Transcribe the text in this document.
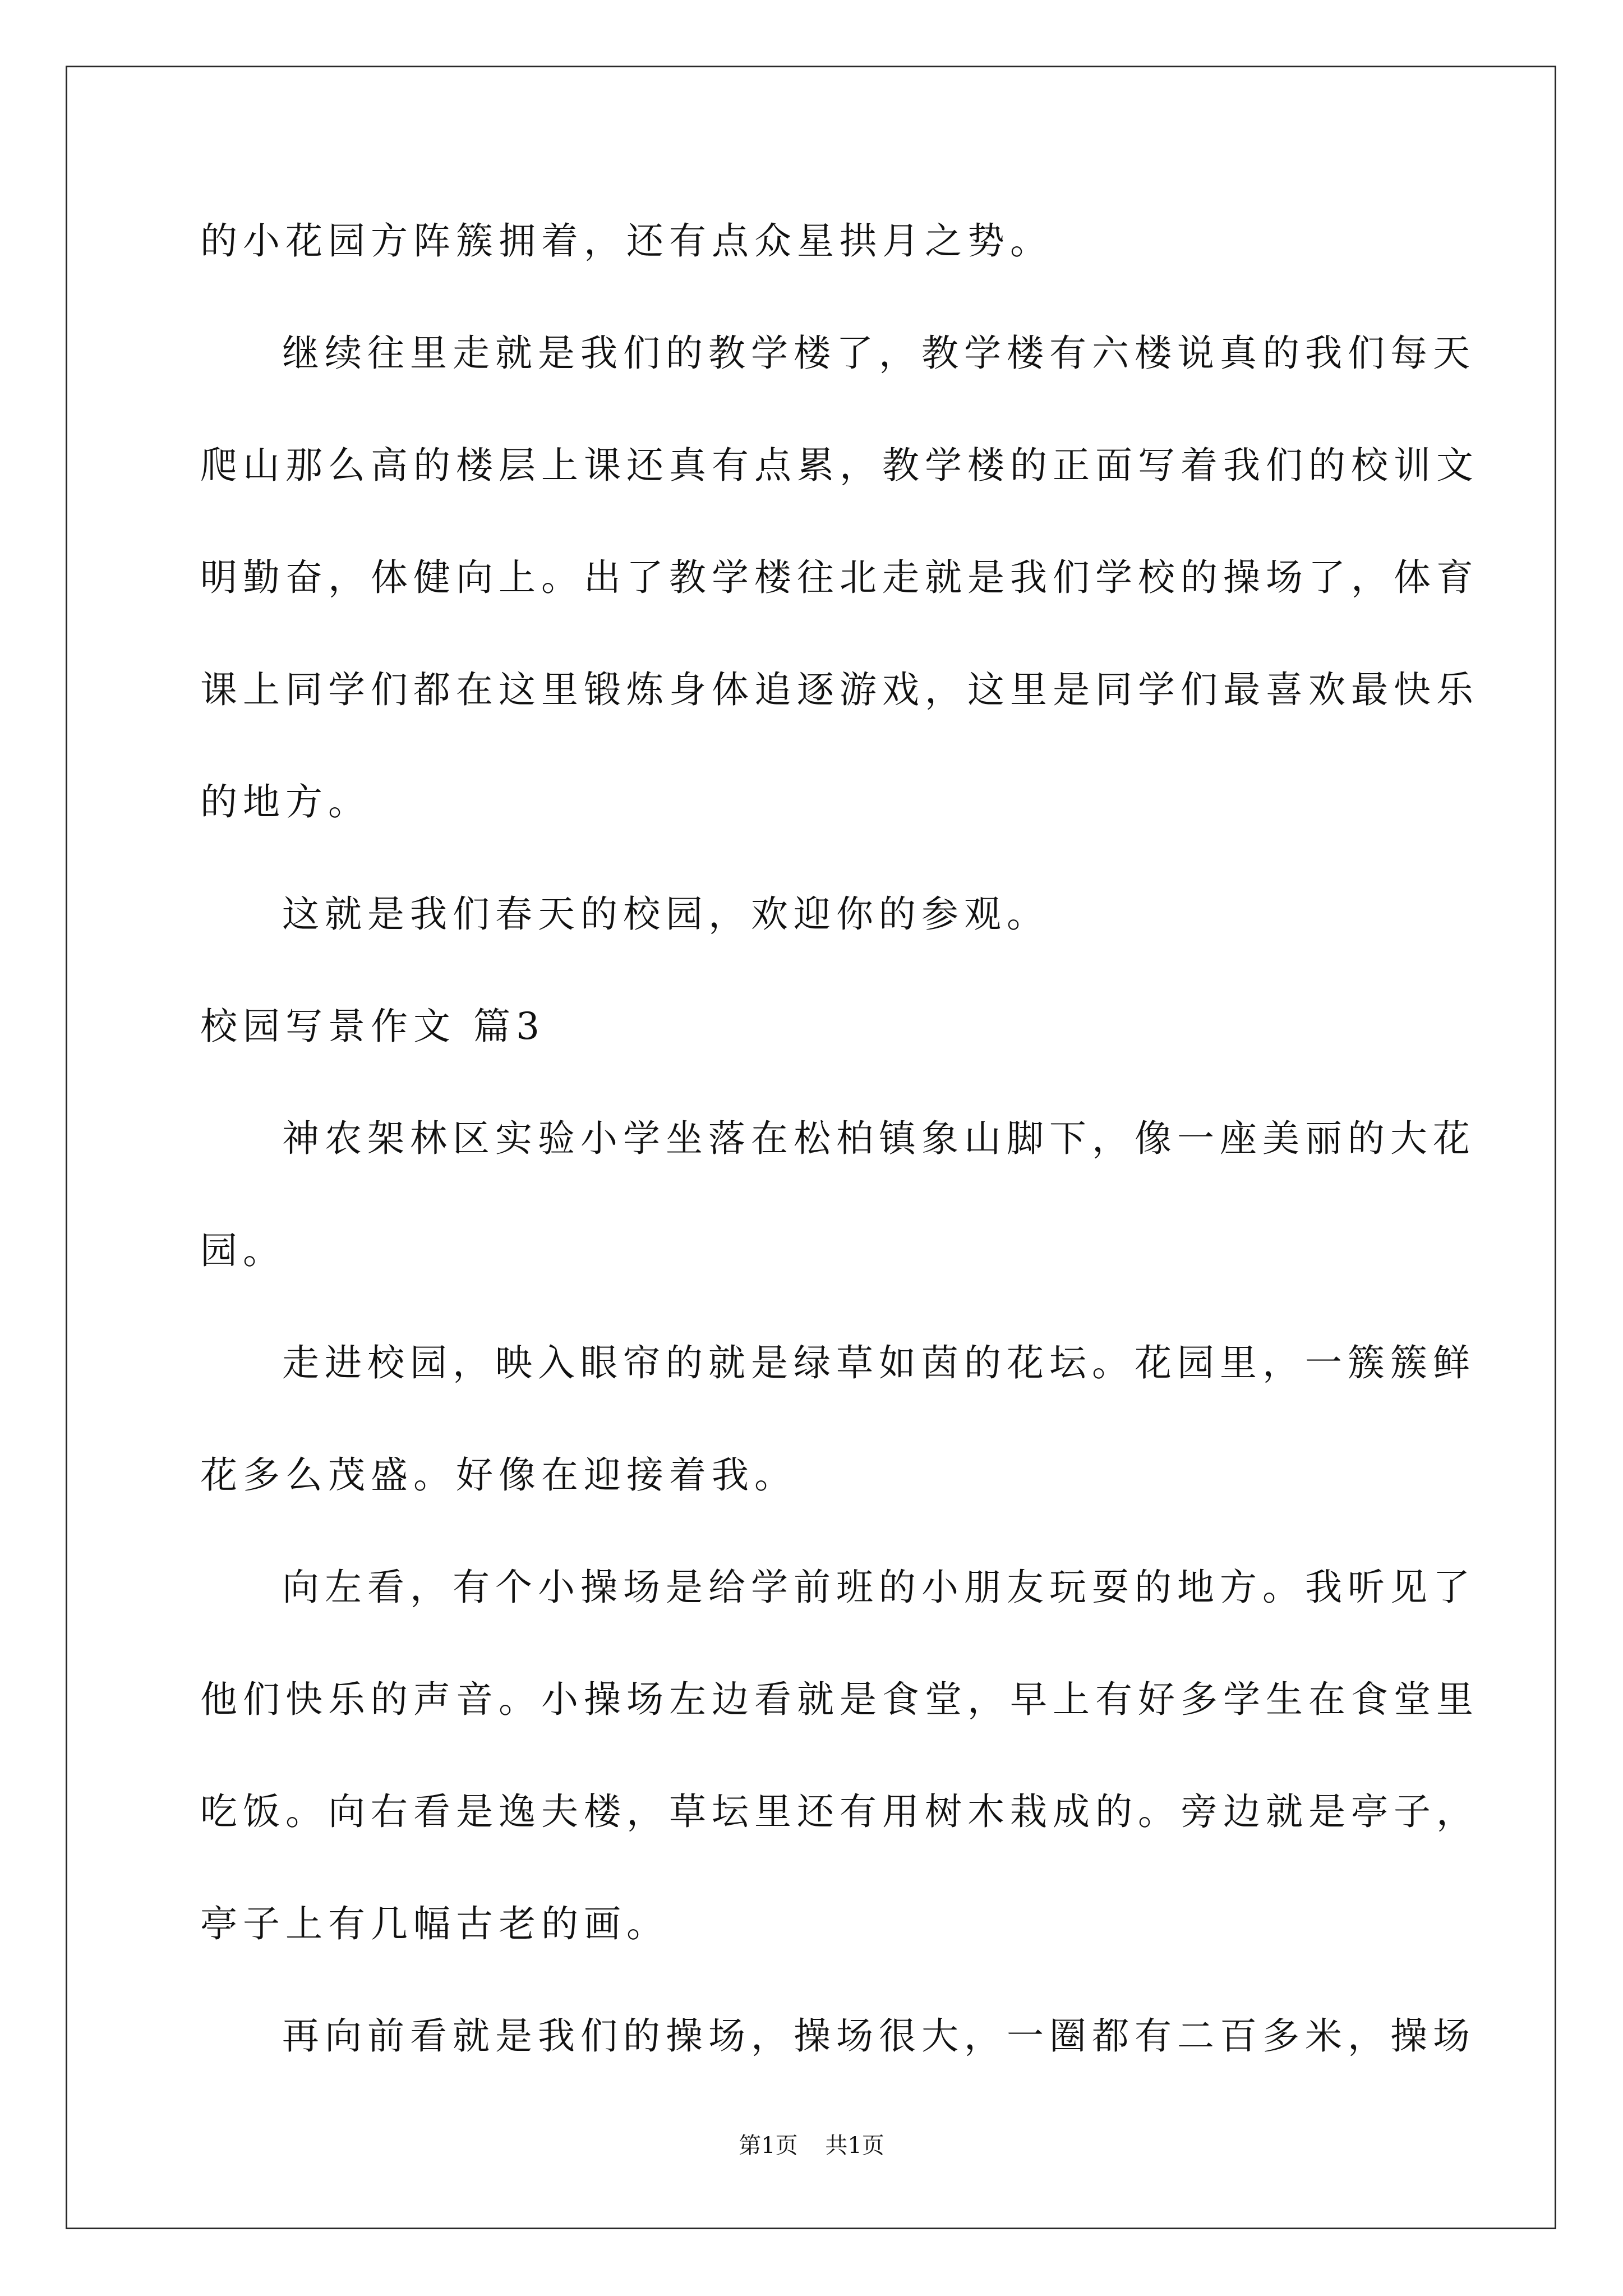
的小花园方阵簇拥着，还有点众星拱月之势。
继续往里走就是我们的教学楼了，教学楼有六楼说真的我们每天
爬山那么高的楼层上课还真有点累，教学楼的正面写着我们的校训文
明勤奋，体健向上。出了教学楼往北走就是我们学校的操场了，体育
课上同学们都在这里锻炼身体追逐游戏，这里是同学们最喜欢最快乐
的地方。
这就是我们春天的校园，欢迎你的参观。
校园写景作文 篇3
神农架林区实验小学坐落在松柏镇象山脚下，像一座美丽的大花
园。
走进校园，映入眼帘的就是绿草如茵的花坛。花园里，一簇簇鲜
花多么茂盛。好像在迎接着我。
向左看，有个小操场是给学前班的小朋友玩耍的地方。我听见了
他们快乐的声音。小操场左边看就是食堂，早上有好多学生在食堂里
吃饭。向右看是逸夫楼，草坛里还有用树木栽成的。旁边就是亭子，
亭子上有几幅古老的画。
再向前看就是我们的操场，操场很大，一圈都有二百多米，操场
第1页 共1页
